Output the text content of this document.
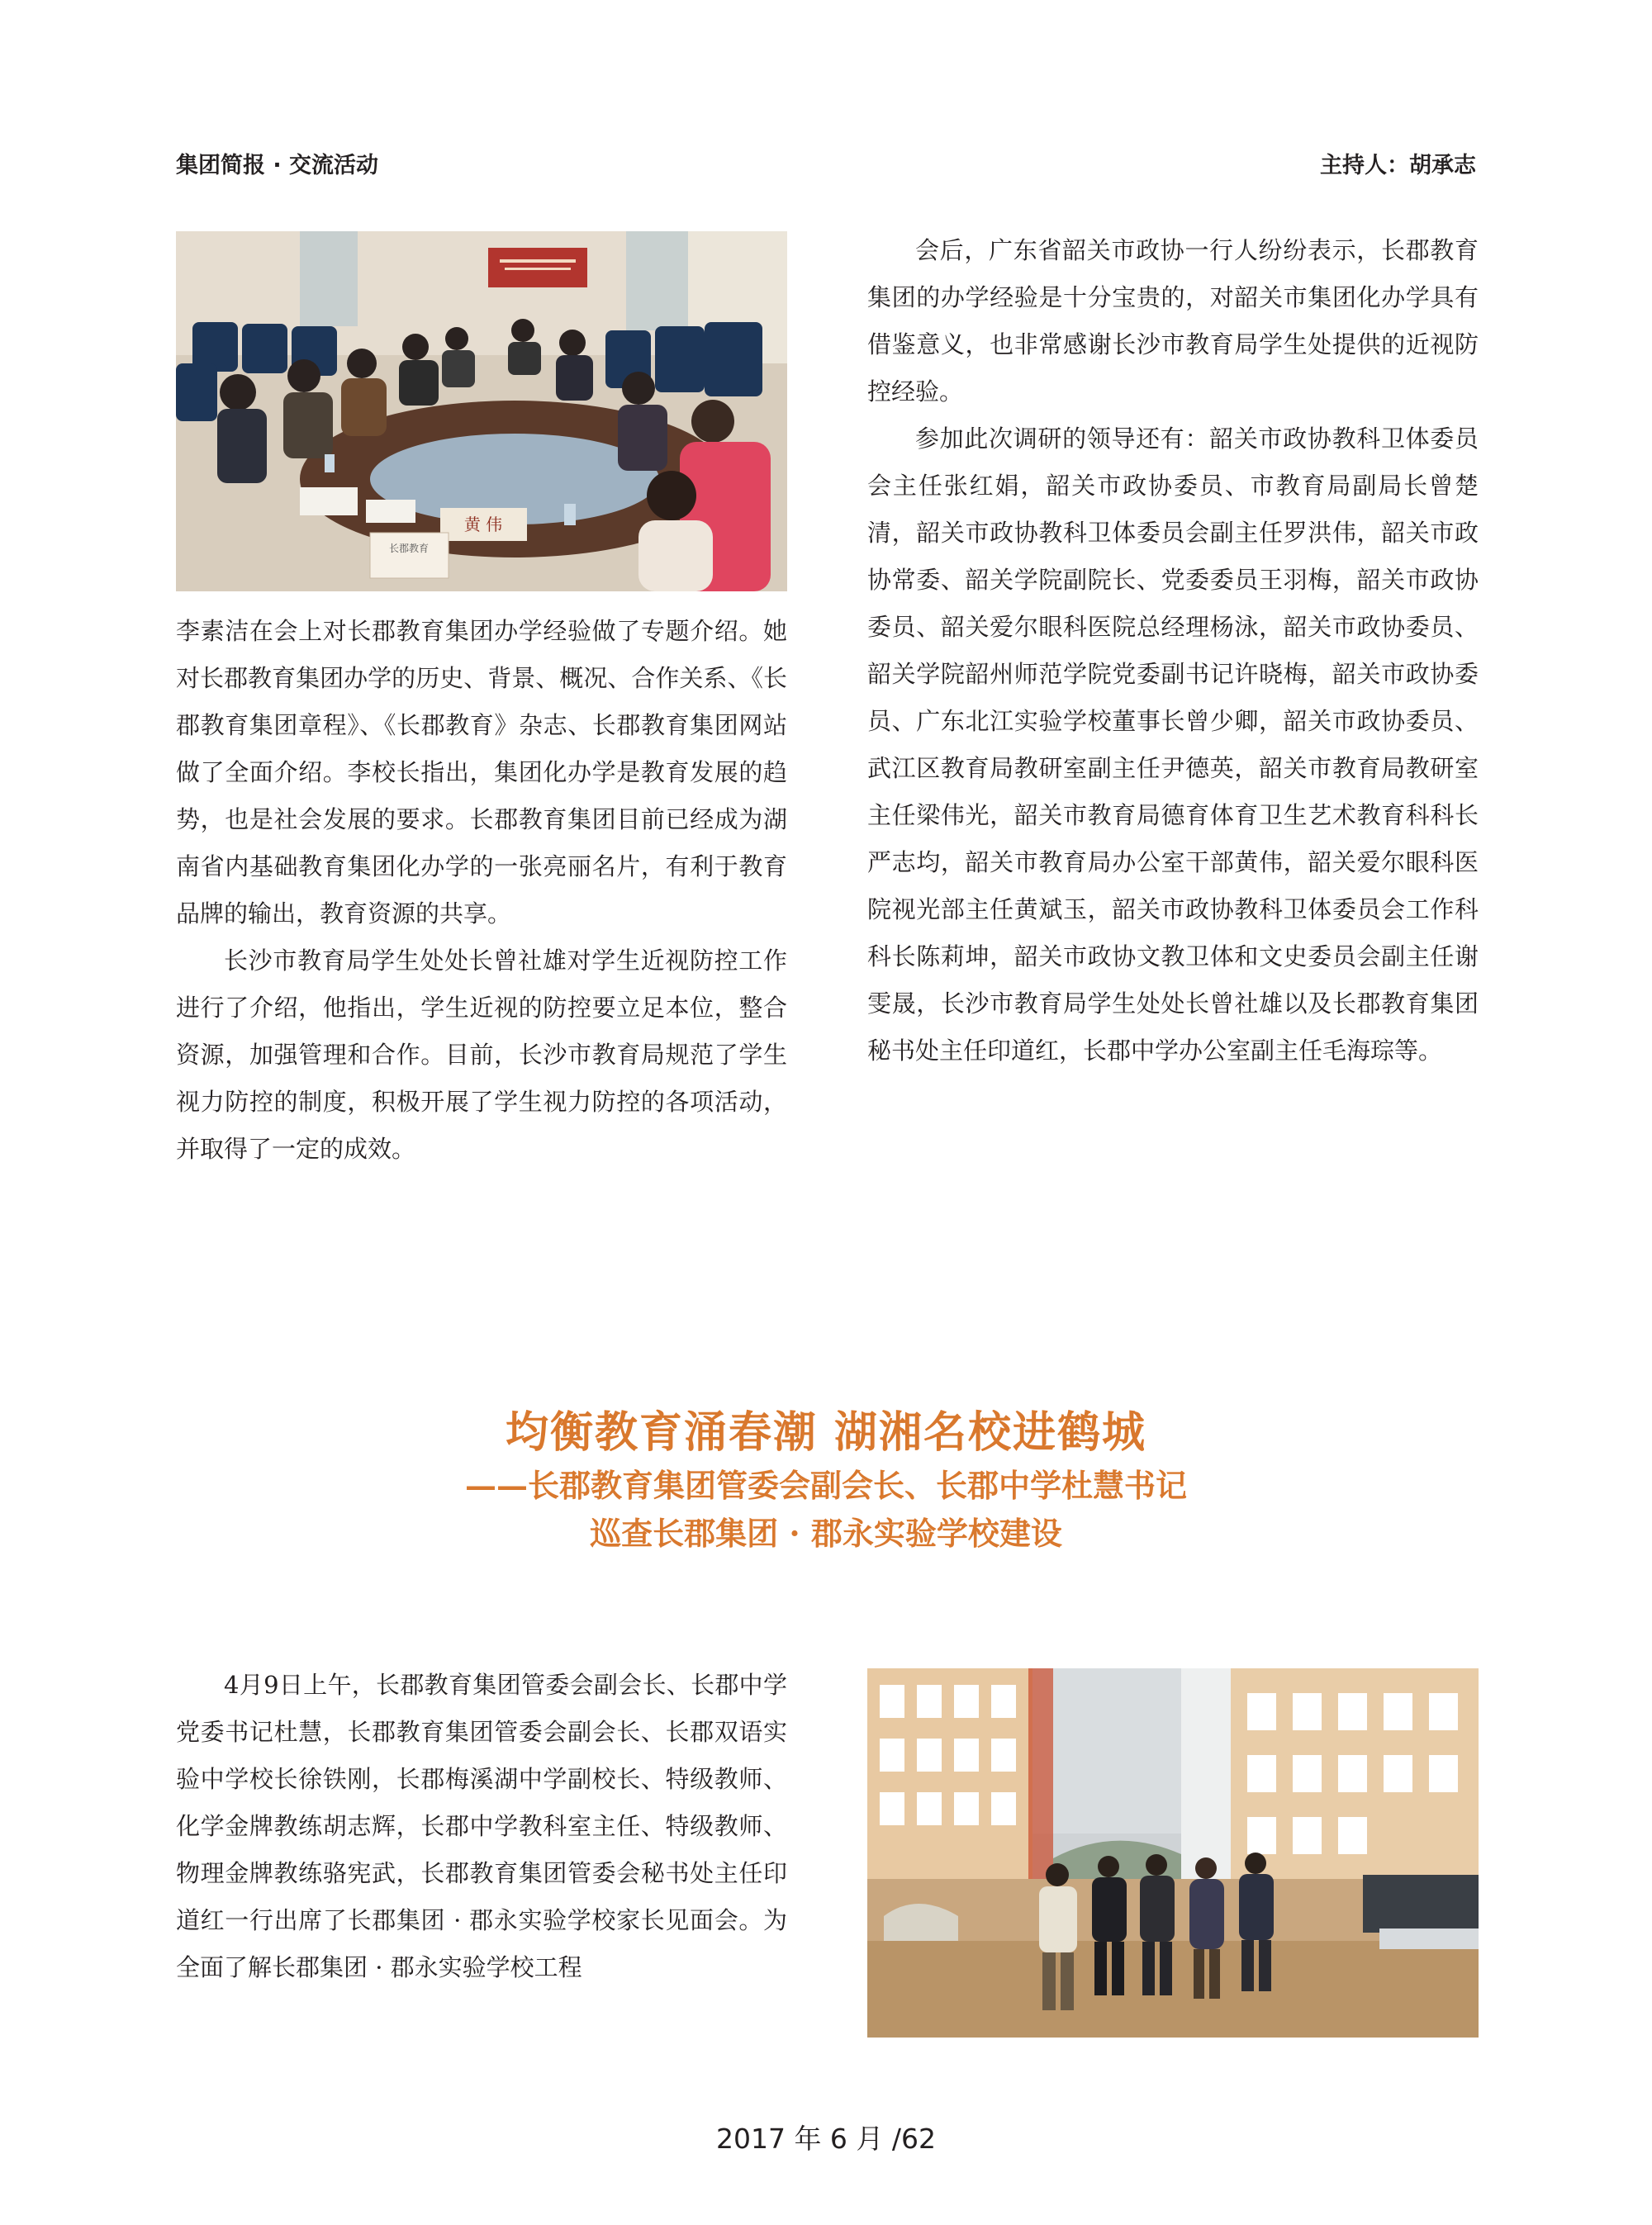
集团简报 · 交流活动	主持人：胡承志
黄 伟
长郡教育

李素洁在会上对长郡教育集团办学经验做了专题介绍。她对长郡教育集团办学的历史、背景、概况、合作关系、《长郡教育集团章程》、《长郡教育》杂志、长郡教育集团网站做了全面介绍。李校长指出，集团化办学是教育发展的趋势，也是社会发展的要求。长郡教育集团目前已经成为湖南省内基础教育集团化办学的一张亮丽名片，有利于教育品牌的输出，教育资源的共享。

长沙市教育局学生处处长曾社雄对学生近视防控工作进行了介绍，他指出，学生近视的防控要立足本位，整合资源，加强管理和合作。目前，长沙市教育局规范了学生视力防控的制度，积极开展了学生视力防控的各项活动，并取得了一定的成效。

会后，广东省韶关市政协一行人纷纷表示，长郡教育集团的办学经验是十分宝贵的，对韶关市集团化办学具有借鉴意义，也非常感谢长沙市教育局学生处提供的近视防控经验。

参加此次调研的领导还有：韶关市政协教科卫体委员会主任张红娟，韶关市政协委员、市教育局副局长曾楚清，韶关市政协教科卫体委员会副主任罗洪伟，韶关市政协常委、韶关学院副院长、党委委员王羽梅，韶关市政协委员、韶关爱尔眼科医院总经理杨泳，韶关市政协委员、韶关学院韶州师范学院党委副书记许晓梅，韶关市政协委员、广东北江实验学校董事长曾少卿，韶关市政协委员、武江区教育局教研室副主任尹德英，韶关市教育局教研室主任梁伟光，韶关市教育局德育体育卫生艺术教育科科长严志均，韶关市教育局办公室干部黄伟，韶关爱尔眼科医院视光部主任黄斌玉，韶关市政协教科卫体委员会工作科科长陈莉坤，韶关市政协文教卫体和文史委员会副主任谢雯晟，长沙市教育局学生处处长曾社雄以及长郡教育集团秘书处主任印道红，长郡中学办公室副主任毛海琮等。

均衡教育涌春潮 湖湘名校进鹤城
——长郡教育集团管委会副会长、长郡中学杜慧书记
巡查长郡集团 · 郡永实验学校建设

4月9日上午，长郡教育集团管委会副会长、长郡中学党委书记杜慧，长郡教育集团管委会副会长、长郡双语实验中学校长徐铁刚，长郡梅溪湖中学副校长、特级教师、化学金牌教练胡志辉，长郡中学教科室主任、特级教师、物理金牌教练骆宪武，长郡教育集团管委会秘书处主任印道红一行出席了长郡集团 · 郡永实验学校家长见面会。为全面了解长郡集团 · 郡永实验学校工程

2017 年 6 月 /62
